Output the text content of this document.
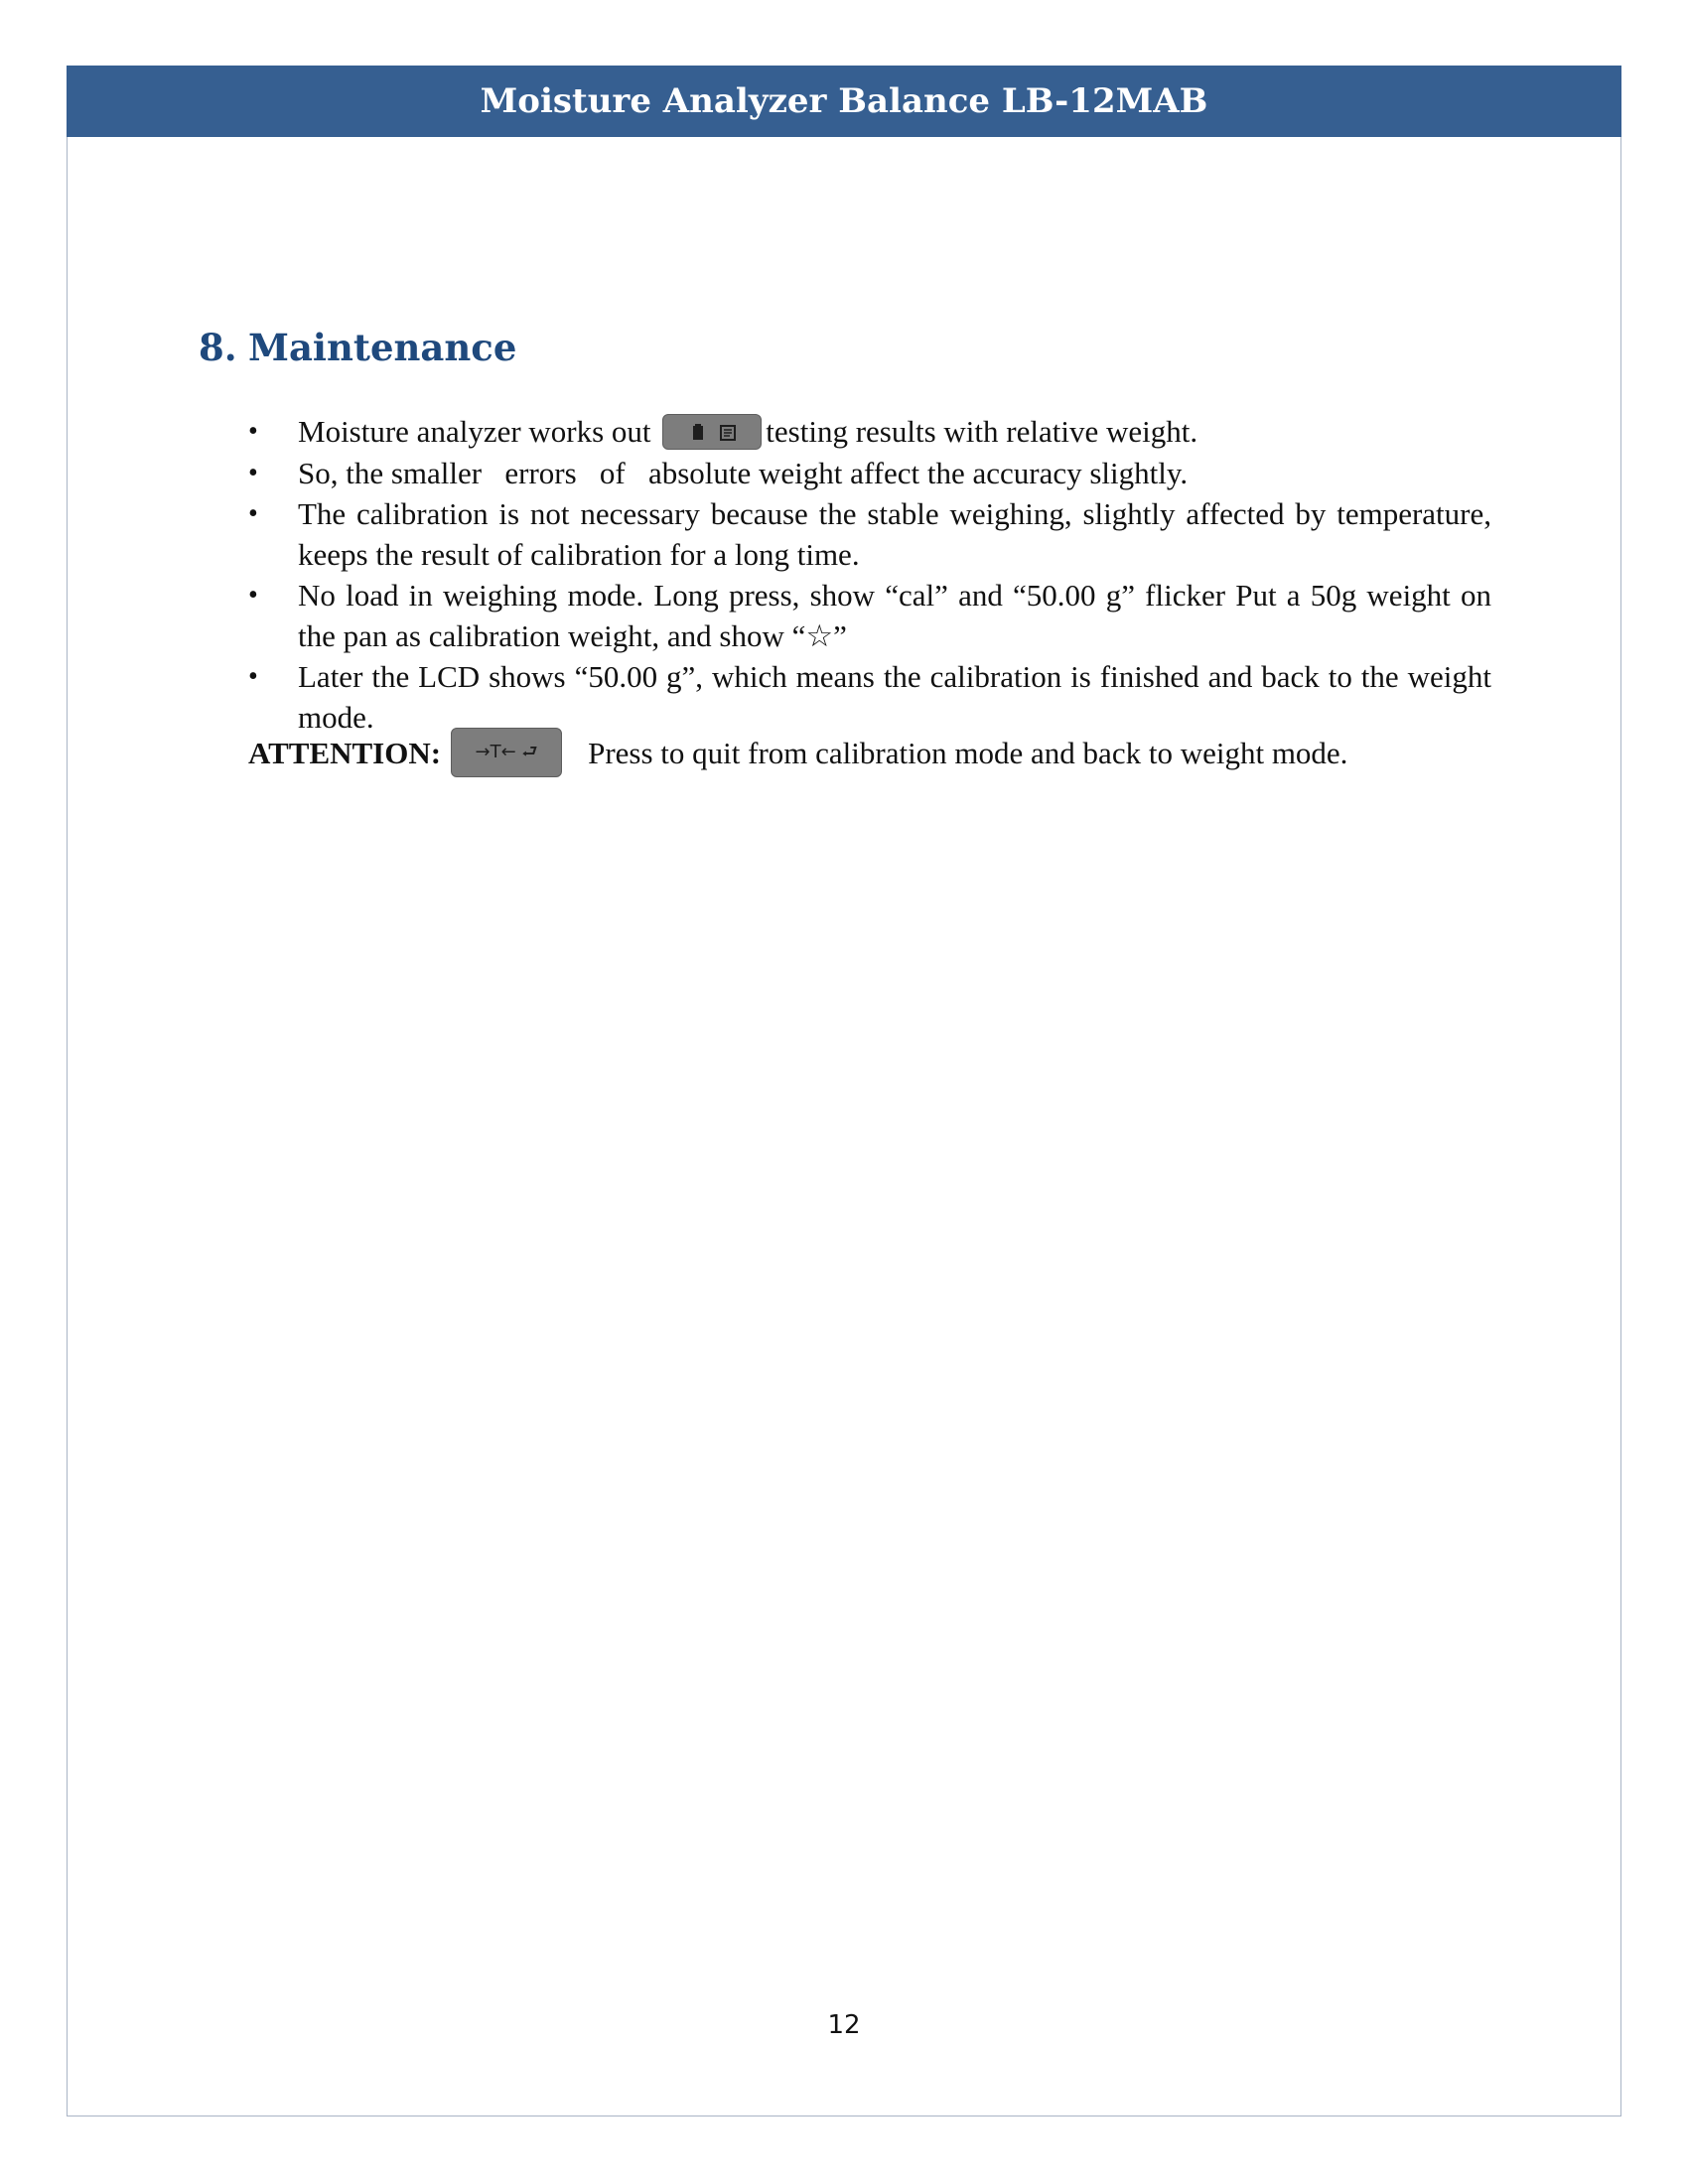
Moisture Analyzer Balance LB-12MAB
8. Maintenance
• Moisture analyzer works out	testing results with relative weight.
• So, the smaller   errors   of   absolute weight affect the accuracy slightly.
• The calibration is not necessary because the stable weighing, slightly affected by temperature, keeps the result of calibration for a long time.
• No load in weighing mode. Long press, show “cal” and “50.00 g” flicker Put a 50g weight on the pan as calibration weight, and show “☆”
• Later the LCD shows “50.00 g”, which means the calibration is finished and back to the weight mode.
ATTENTION: →T← ⮐ Press to quit from calibration mode and back to weight mode.
12
